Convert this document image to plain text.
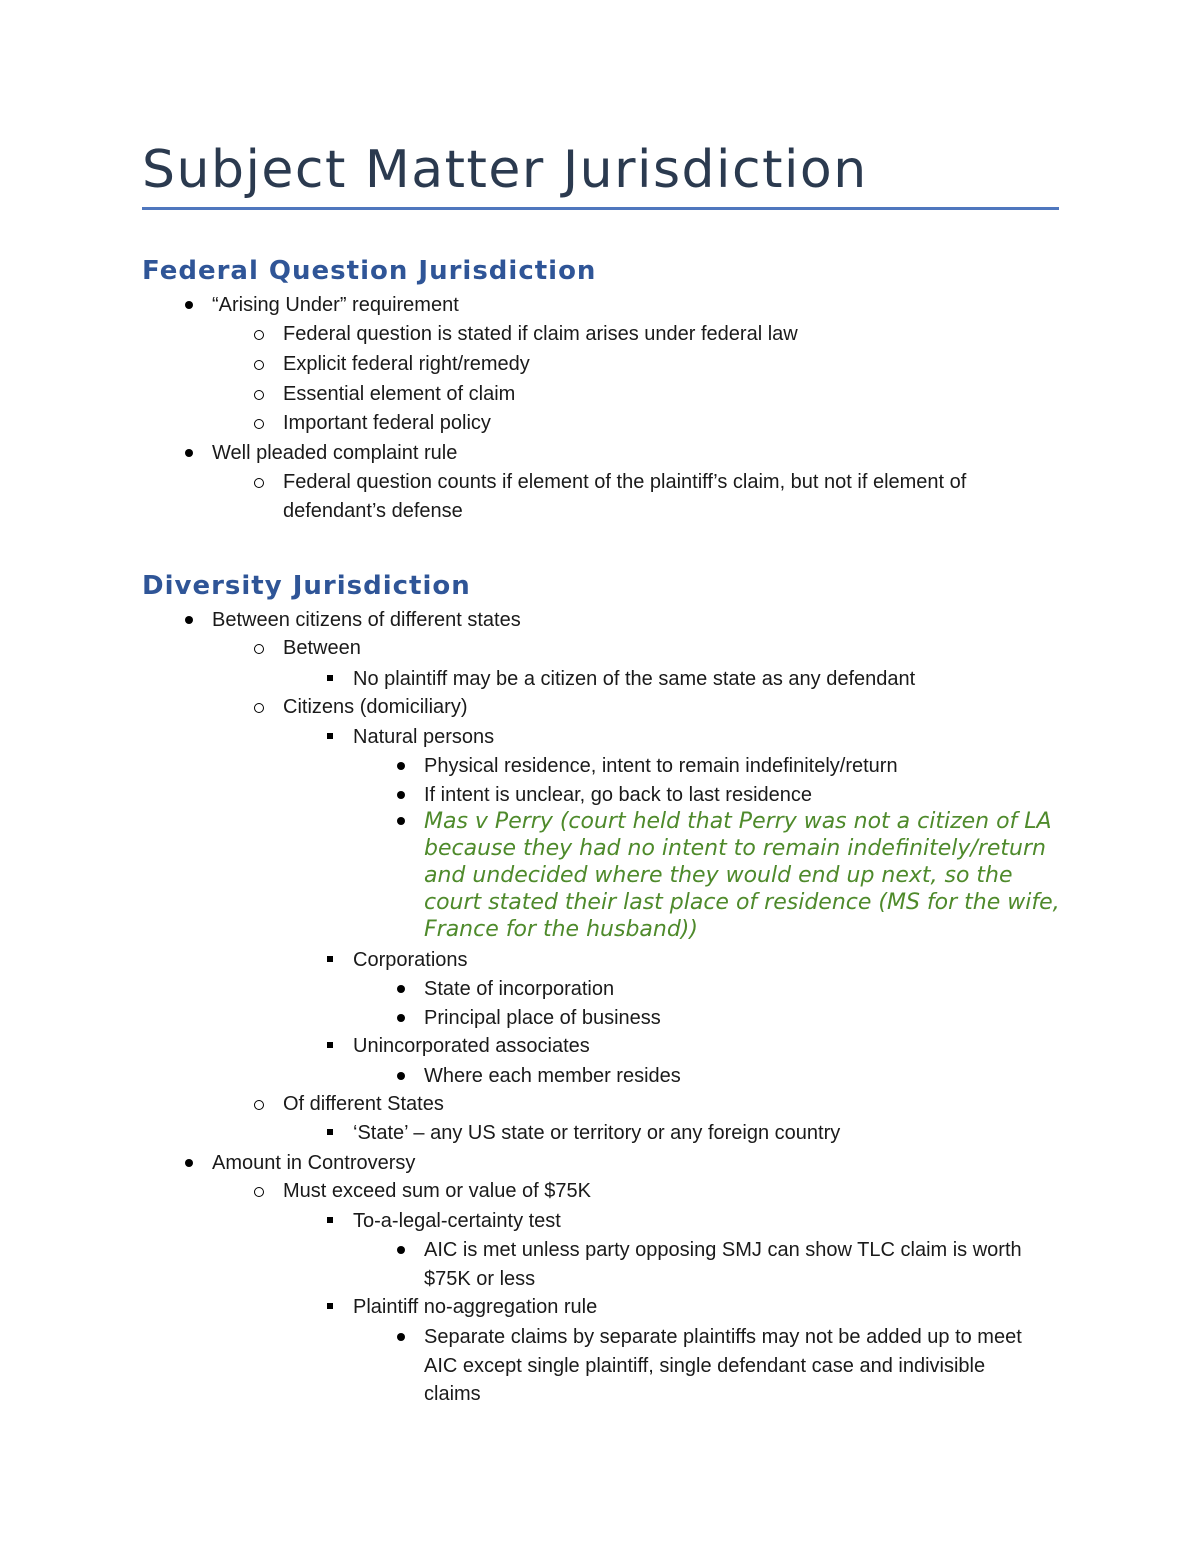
Subject Matter Jurisdiction
Federal Question Jurisdiction
“Arising Under” requirement
Federal question is stated if claim arises under federal law
Explicit federal right/remedy
Essential element of claim
Important federal policy
Well pleaded complaint rule
Federal question counts if element of the plaintiff’s claim, but not if element of defendant’s defense
Diversity Jurisdiction
Between citizens of different states
Between
No plaintiff may be a citizen of the same state as any defendant
Citizens (domiciliary)
Natural persons
Physical residence, intent to remain indefinitely/return
If intent is unclear, go back to last residence
Mas v Perry (court held that Perry was not a citizen of LA because they had no intent to remain indefinitely/return and undecided where they would end up next, so the court stated their last place of residence (MS for the wife, France for the husband))
Corporations
State of incorporation
Principal place of business
Unincorporated associates
Where each member resides
Of different States
‘State’ – any US state or territory or any foreign country
Amount in Controversy
Must exceed sum or value of $75K
To-a-legal-certainty test
AIC is met unless party opposing SMJ can show TLC claim is worth $75K or less
Plaintiff no-aggregation rule
Separate claims by separate plaintiffs may not be added up to meet AIC except single plaintiff, single defendant case and indivisible claims
